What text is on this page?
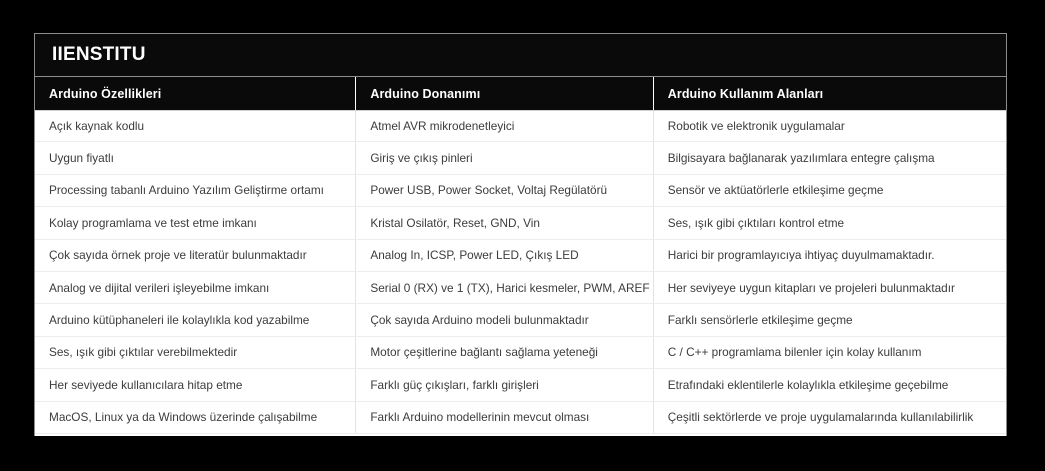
IIENSTITU
Arduino Özellikleri	Arduino Donanımı	Arduino Kullanım Alanları
Açık kaynak kodlu	Atmel AVR mikrodenetleyici	Robotik ve elektronik uygulamalar
Uygun fiyatlı	Giriş ve çıkış pinleri	Bilgisayara bağlanarak yazılımlara entegre çalışma
Processing tabanlı Arduino Yazılım Geliştirme ortamı	Power USB, Power Socket, Voltaj Regülatörü	Sensör ve aktüatörlerle etkileşime geçme
Kolay programlama ve test etme imkanı	Kristal Osilatör, Reset, GND, Vin	Ses, ışık gibi çıktıları kontrol etme
Çok sayıda örnek proje ve literatür bulunmaktadır	Analog In, ICSP, Power LED, Çıkış LED	Harici bir programlayıcıya ihtiyaç duyulmamaktadır.
Analog ve dijital verileri işleyebilme imkanı	Serial 0 (RX) ve 1 (TX), Harici kesmeler, PWM, AREF	Her seviyeye uygun kitapları ve projeleri bulunmaktadır
Arduino kütüphaneleri ile kolaylıkla kod yazabilme	Çok sayıda Arduino modeli bulunmaktadır	Farklı sensörlerle etkileşime geçme
Ses, ışık gibi çıktılar verebilmektedir	Motor çeşitlerine bağlantı sağlama yeteneği	C / C++ programlama bilenler için kolay kullanım
Her seviyede kullanıcılara hitap etme	Farklı güç çıkışları, farklı girişleri	Etrafındaki eklentilerle kolaylıkla etkileşime geçebilme
MacOS, Linux ya da Windows üzerinde çalışabilme	Farklı Arduino modellerinin mevcut olması	Çeşitli sektörlerde ve proje uygulamalarında kullanılabilirlik
